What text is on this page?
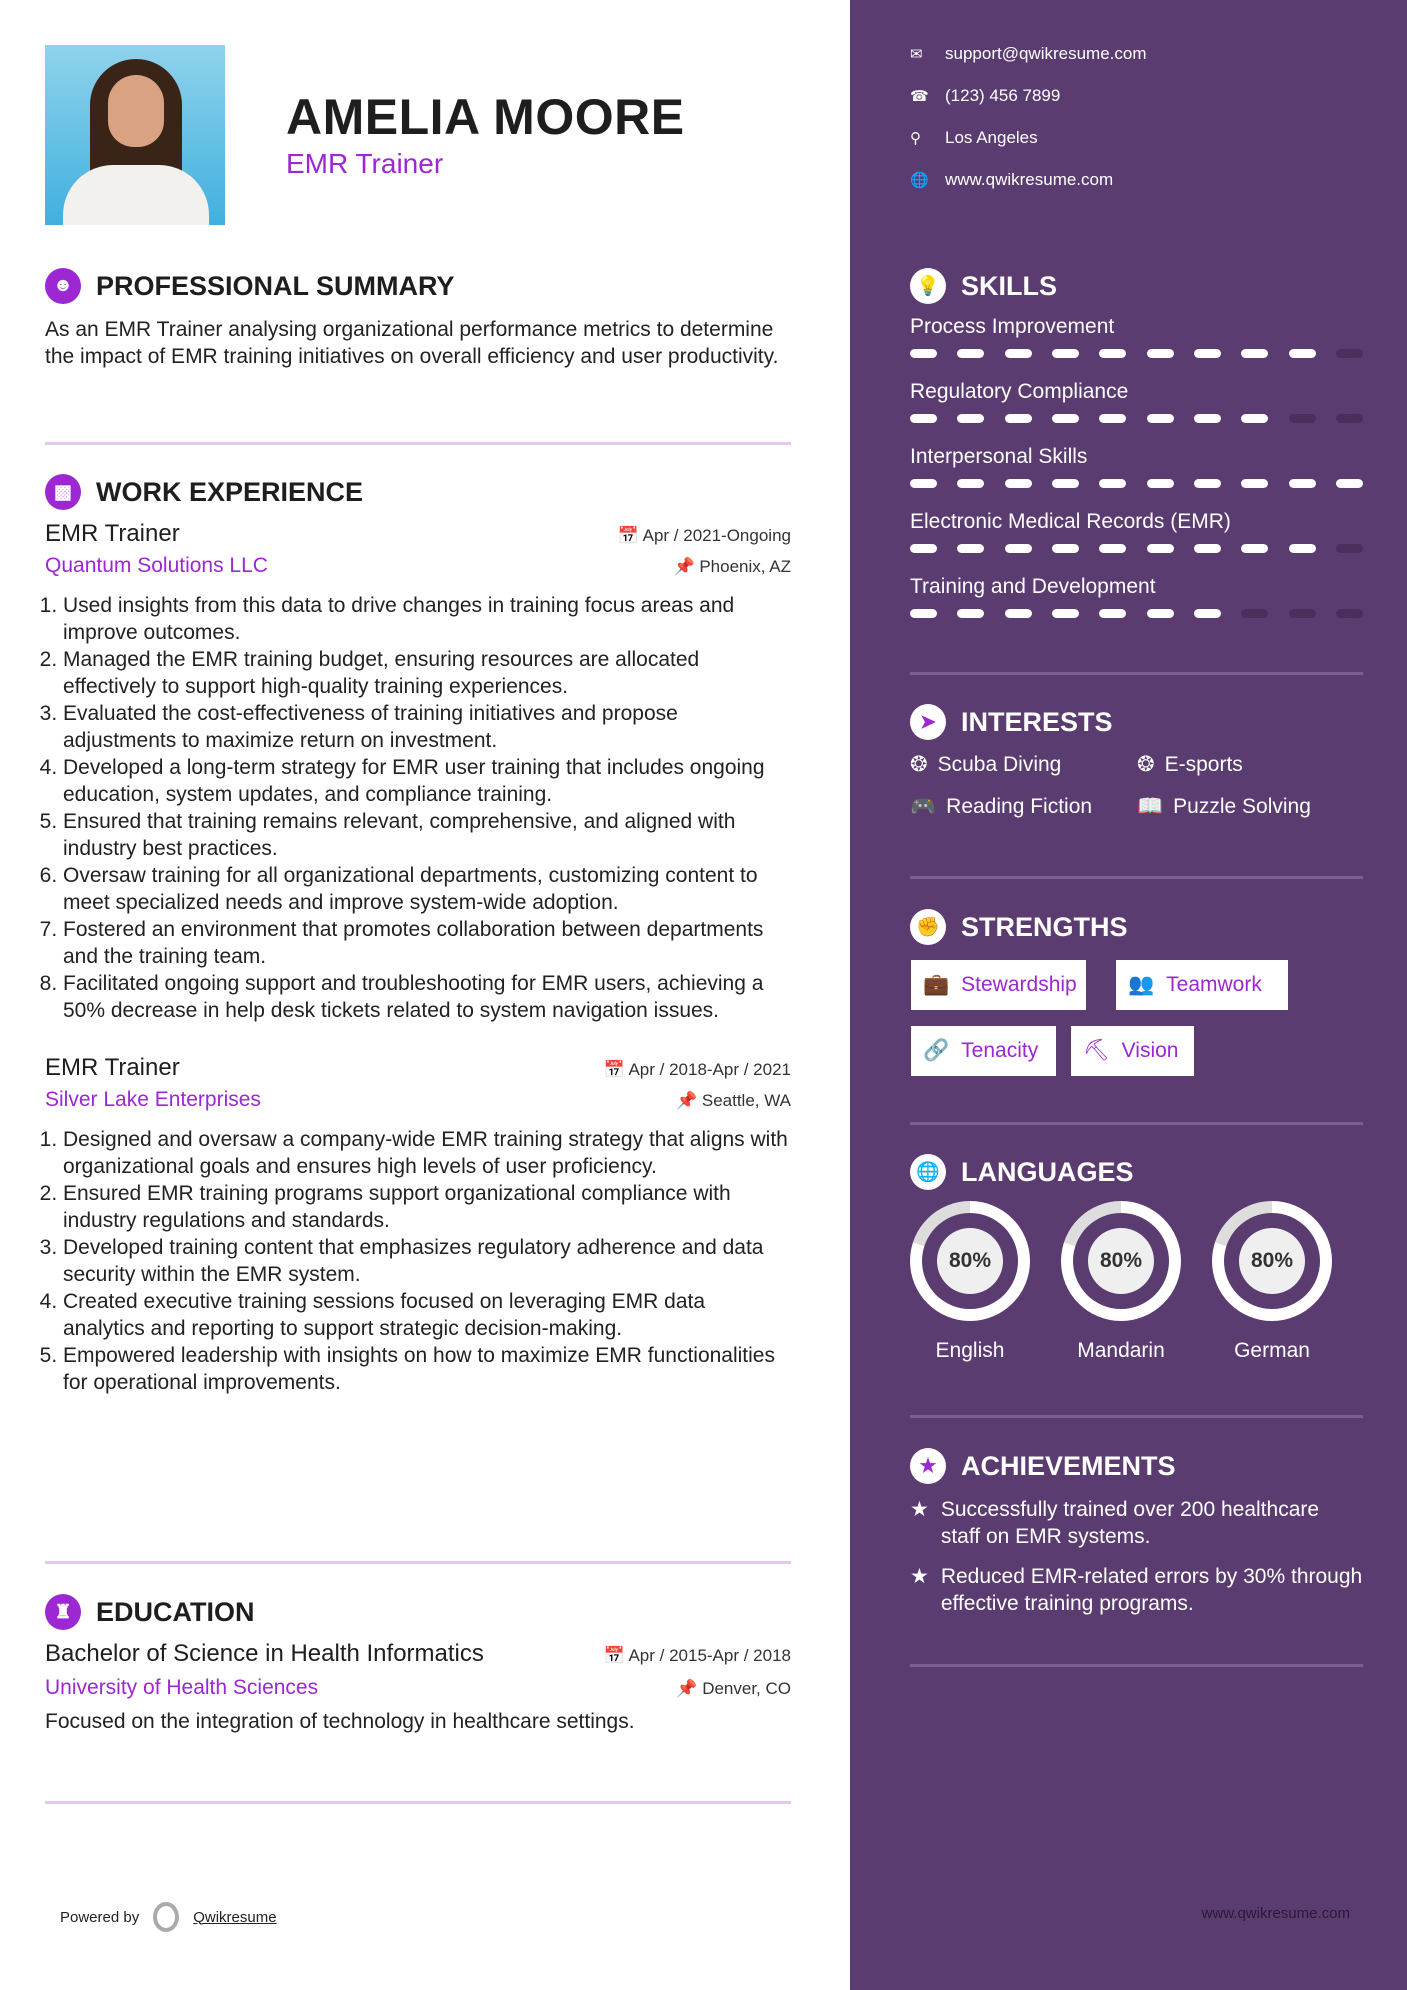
AMELIA MOORE
EMR Trainer
☻ PROFESSIONAL SUMMARY

As an EMR Trainer analysing organizational performance metrics to determine the impact of EMR training initiatives on overall efficiency and user productivity.

▩ WORK EXPERIENCE
EMR Trainer	📅 Apr / 2021-Ongoing
Quantum Solutions LLC	📌 Phoenix, AZ
1. Used insights from this data to drive changes in training focus areas and improve outcomes.
2. Managed the EMR training budget, ensuring resources are allocated effectively to support high-quality training experiences.
3. Evaluated the cost-effectiveness of training initiatives and propose adjustments to maximize return on investment.
4. Developed a long-term strategy for EMR user training that includes ongoing education, system updates, and compliance training.
5. Ensured that training remains relevant, comprehensive, and aligned with industry best practices.
6. Oversaw training for all organizational departments, customizing content to meet specialized needs and improve system-wide adoption.
7. Fostered an environment that promotes collaboration between departments and the training team.
8. Facilitated ongoing support and troubleshooting for EMR users, achieving a 50% decrease in help desk tickets related to system navigation issues.
EMR Trainer	📅 Apr / 2018-Apr / 2021
Silver Lake Enterprises	📌 Seattle, WA
1. Designed and oversaw a company-wide EMR training strategy that aligns with organizational goals and ensures high levels of user proficiency.
2. Ensured EMR training programs support organizational compliance with industry regulations and standards.
3. Developed training content that emphasizes regulatory adherence and data security within the EMR system.
4. Created executive training sessions focused on leveraging EMR data analytics and reporting to support strategic decision-making.
5. Empowered leadership with insights on how to maximize EMR functionalities for operational improvements.
♜ EDUCATION
Bachelor of Science in Health Informatics	📅 Apr / 2015-Apr / 2018
University of Health Sciences	📌 Denver, CO

Focused on the integration of technology in healthcare settings.

Powered by	Qwikresume
✉	support@qwikresume.com
☎ (123) 456 7899
⚲	Los Angeles
🌐 www.qwikresume.com
💡 SKILLS
Process Improvement
Regulatory Compliance
Interpersonal Skills
Electronic Medical Records (EMR)
Training and Development
➤ INTERESTS
❂ Scuba Diving	❂ E-sports
🎮 Reading Fiction 📖 Puzzle Solving
✊ STRENGTHS
💼 Stewardship 👥 Teamwork
🔗 Tenacity ⛏ Vision
🌐 LANGUAGES
80%
English
80%
Mandarin
80%
German
★ ACHIEVEMENTS
★ Successfully trained over 200 healthcare staff on EMR systems.
★ Reduced EMR-related errors by 30% through effective training programs.
www.qwikresume.com
